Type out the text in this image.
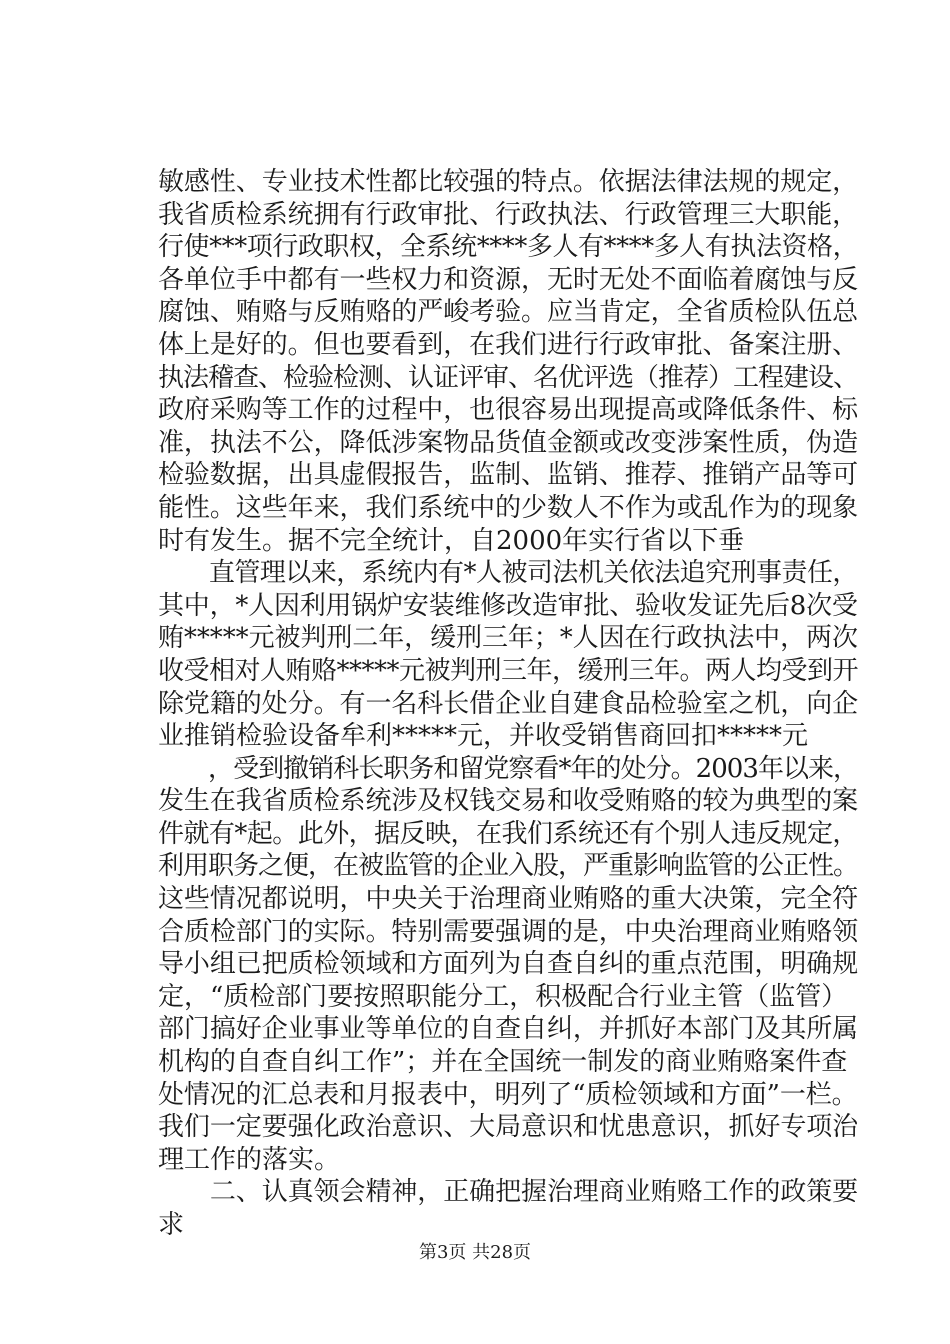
敏感性、专业技术性都比较强的特点。依据法律法规的规定，
我省质检系统拥有行政审批、行政执法、行政管理三大职能，
行使***项行政职权，全系统****多人有****多人有执法资格，
各单位手中都有一些权力和资源，无时无处不面临着腐蚀与反
腐蚀、贿赂与反贿赂的严峻考验。应当肯定，全省质检队伍总
体上是好的。但也要看到，在我们进行行政审批、备案注册、
执法稽查、检验检测、认证评审、名优评选（推荐）工程建设、
政府采购等工作的过程中，也很容易出现提高或降低条件、标
准，执法不公，降低涉案物品货值金额或改变涉案性质，伪造
检验数据，出具虚假报告，监制、监销、推荐、推销产品等可
能性。这些年来，我们系统中的少数人不作为或乱作为的现象
时有发生。据不完全统计，自2000年实行省以下垂
　　直管理以来，系统内有*人被司法机关依法追究刑事责任，
其中，*人因利用锅炉安装维修改造审批、验收发证先后8次受
贿*****元被判刑二年，缓刑三年；*人因在行政执法中，两次
收受相对人贿赂*****元被判刑三年，缓刑三年。两人均受到开
除党籍的处分。有一名科长借企业自建食品检验室之机，向企
业推销检验设备牟利*****元，并收受销售商回扣*****元
　　，受到撤销科长职务和留党察看*年的处分。2003年以来，
发生在我省质检系统涉及权钱交易和收受贿赂的较为典型的案
件就有*起。此外，据反映，在我们系统还有个别人违反规定，
利用职务之便，在被监管的企业入股，严重影响监管的公正性。
这些情况都说明，中央关于治理商业贿赂的重大决策，完全符
合质检部门的实际。特别需要强调的是，中央治理商业贿赂领
导小组已把质检领域和方面列为自查自纠的重点范围，明确规
定，“质检部门要按照职能分工，积极配合行业主管（监管）
部门搞好企业事业等单位的自查自纠，并抓好本部门及其所属
机构的自查自纠工作”；并在全国统一制发的商业贿赂案件查
处情况的汇总表和月报表中，明列了“质检领域和方面”一栏。
我们一定要强化政治意识、大局意识和忧患意识，抓好专项治
理工作的落实。
　　二、认真领会精神，正确把握治理商业贿赂工作的政策要
求
第3页 共28页
